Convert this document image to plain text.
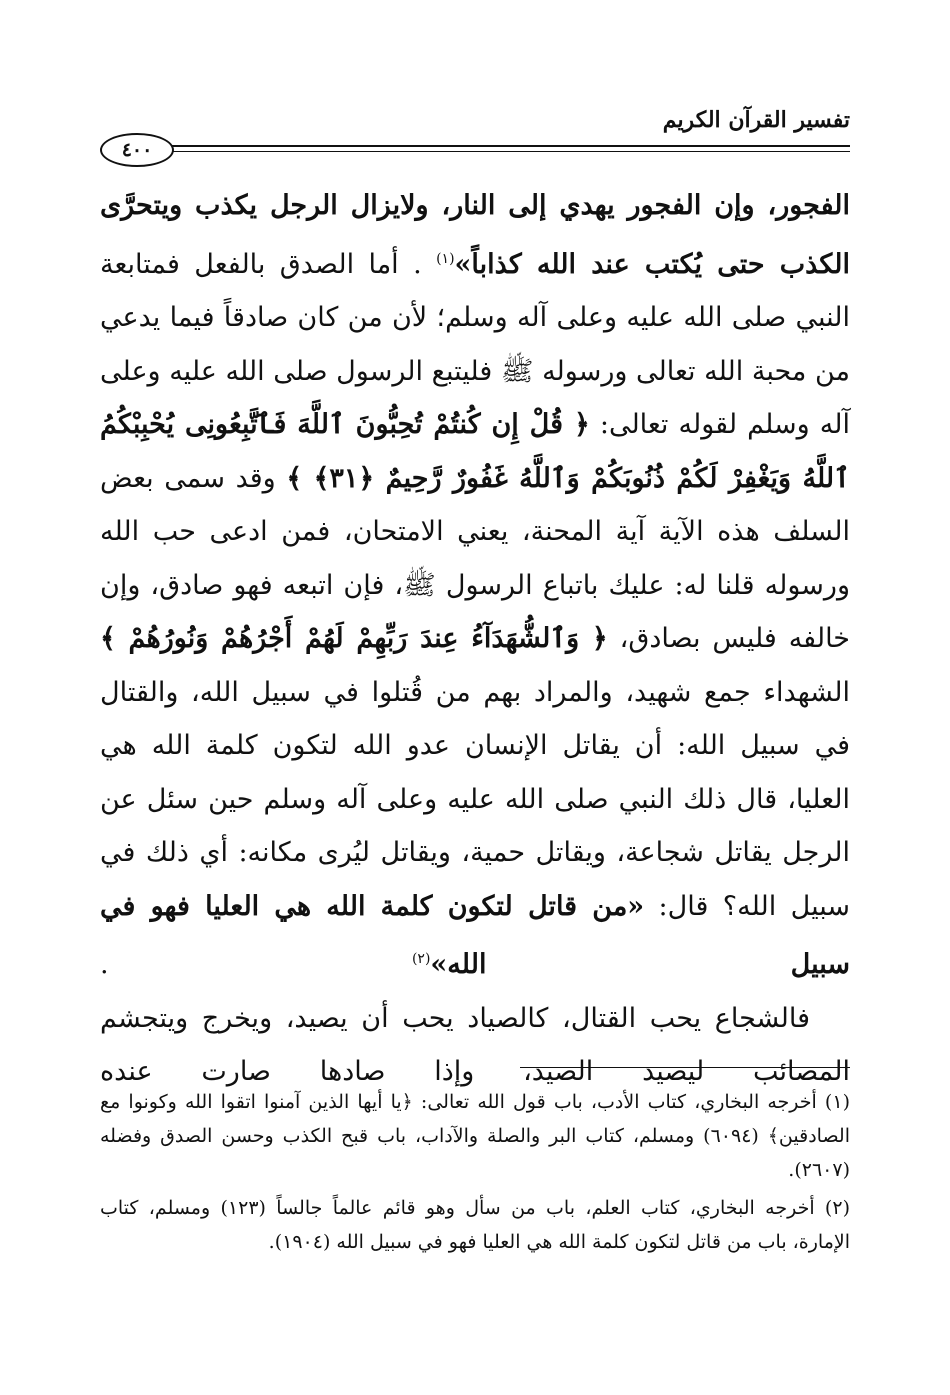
تفسير القرآن الكريم
٤٠٠

الفجور، وإن الفجور يهدي إلى النار، ولايزال الرجل يكذب ويتحرَّى الكذب حتى يُكتب عند الله كذاباً»$^{(١)}$ . أما الصدق بالفعل فمتابعة النبي صلى الله عليه وعلى آله وسلم؛ لأن من كان صادقاً فيما يدعي من محبة الله تعالى ورسوله ﷺ فليتبع الرسول صلى الله عليه وعلى آله وسلم لقوله تعالى: ﴿ قُلْ إِن كُنتُمْ تُحِبُّونَ ٱللَّهَ فَٱتَّبِعُونِى يُحْبِبْكُمُ ٱللَّهُ وَيَغْفِرْ لَكُمْ ذُنُوبَكُمْ وَٱللَّهُ غَفُورٌ رَّحِيمٌ ﴿٣١﴾ ﴾ وقد سمى بعض السلف هذه الآية آية المحنة، يعني الامتحان، فمن ادعى حب الله ورسوله قلنا له: عليك باتباع الرسول ﷺ، فإن اتبعه فهو صادق، وإن خالفه فليس بصادق، ﴿ وَٱلشُّهَدَآءُ عِندَ رَبِّهِمْ لَهُمْ أَجْرُهُمْ وَنُورُهُمْ ﴾ الشهداء جمع شهيد، والمراد بهم من قُتلوا في سبيل الله، والقتال في سبيل الله: أن يقاتل الإنسان عدو الله لتكون كلمة الله هي العليا، قال ذلك النبي صلى الله عليه وعلى آله وسلم حين سئل عن الرجل يقاتل شجاعة، ويقاتل حمية، ويقاتل ليُرى مكانه: أي ذلك في سبيل الله؟ قال: «من قاتل لتكون كلمة الله هي العليا فهو في سبيل الله»$^{(٢)}$ .

فالشجاع يحب القتال، كالصياد يحب أن يصيد، ويخرج ويتجشم المصائب ليصيد الصيد، وإذا صادها صارت عنده

(١) أخرجه البخاري، كتاب الأدب، باب قول الله تعالى: ﴿يا أيها الذين آمنوا اتقوا الله وكونوا مع الصادقين﴾ (٦٠٩٤) ومسلم، كتاب البر والصلة والآداب، باب قبح الكذب وحسن الصدق وفضله (٢٦٠٧).

(٢) أخرجه البخاري، كتاب العلم، باب من سأل وهو قائم عالماً جالساً (١٢٣) ومسلم، كتاب الإمارة، باب من قاتل لتكون كلمة الله هي العليا فهو في سبيل الله (١٩٠٤).
